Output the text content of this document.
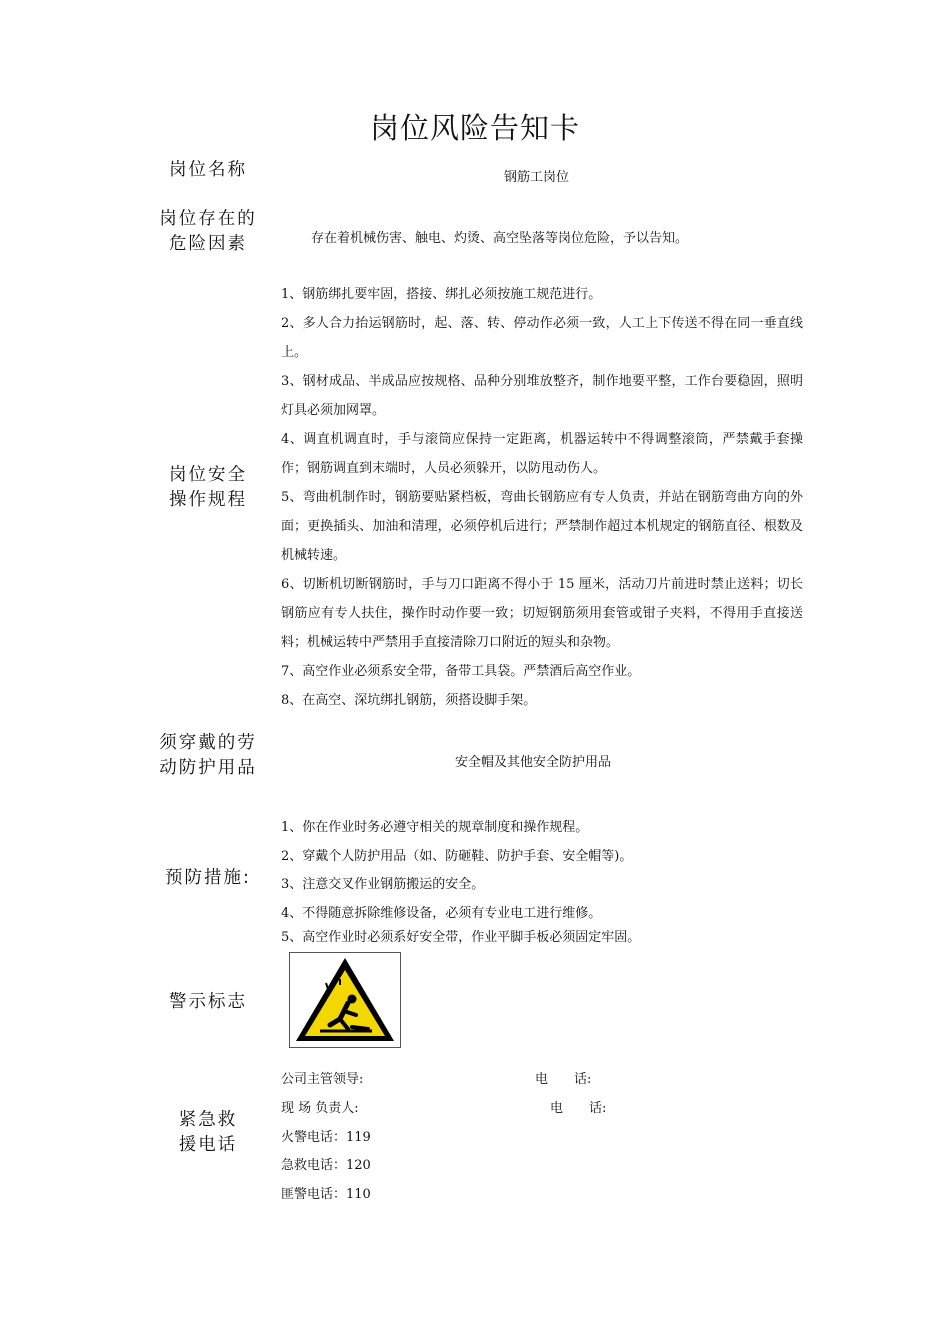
岗位风险告知卡
岗位名称	钢筋工岗位
岗位存在的
危险因素	存在着机械伤害、触电、灼烫、高空坠落等岗位危险，予以告知。
岗位安全
操作规程

1、钢筋绑扎要牢固，搭接、绑扎必须按施工规范进行。

2、多人合力抬运钢筋时，起、落、转、停动作必须一致，人工上下传送不得在同一垂直线上。

3、钢材成品、半成品应按规格、品种分别堆放整齐，制作地要平整，工作台要稳固，照明灯具必须加网罩。

4、调直机调直时，手与滚筒应保持一定距离，机器运转中不得调整滚筒，严禁戴手套操作；钢筋调直到末端时，人员必须躲开，以防甩动伤人。

5、弯曲机制作时，钢筋要贴紧档板，弯曲长钢筋应有专人负责，并站在钢筋弯曲方向的外面；更换插头、加油和清理，必须停机后进行；严禁制作超过本机规定的钢筋直径、根数及机械转速。

6、切断机切断钢筋时，手与刀口距离不得小于 15 厘米，活动刀片前进时禁止送料；切长钢筋应有专人扶住，操作时动作要一致；切短钢筋须用套管或钳子夹料，不得用手直接送料；机械运转中严禁用手直接清除刀口附近的短头和杂物。

7、高空作业必须系安全带，备带工具袋。严禁酒后高空作业。

8、在高空、深坑绑扎钢筋，须搭设脚手架。

须穿戴的劳
动防护用品	安全帽及其他安全防护用品
预防措施:
1、你在作业时务必遵守相关的规章制度和操作规程。
2、穿戴个人防护用品（如、防砸鞋、防护手套、安全帽等)。
3、注意交叉作业钢筋搬运的安全。
4、不得随意拆除维修设备，必须有专业电工进行维修。
5、高空作业时必须系好安全带，作业平脚手板必须固定牢固。
警示标志
紧急救
援电话
公司主管领导:	电　　话:
现 场 负责人:	电　　话:
火警电话：119
急救电话：120
匪警电话：110
